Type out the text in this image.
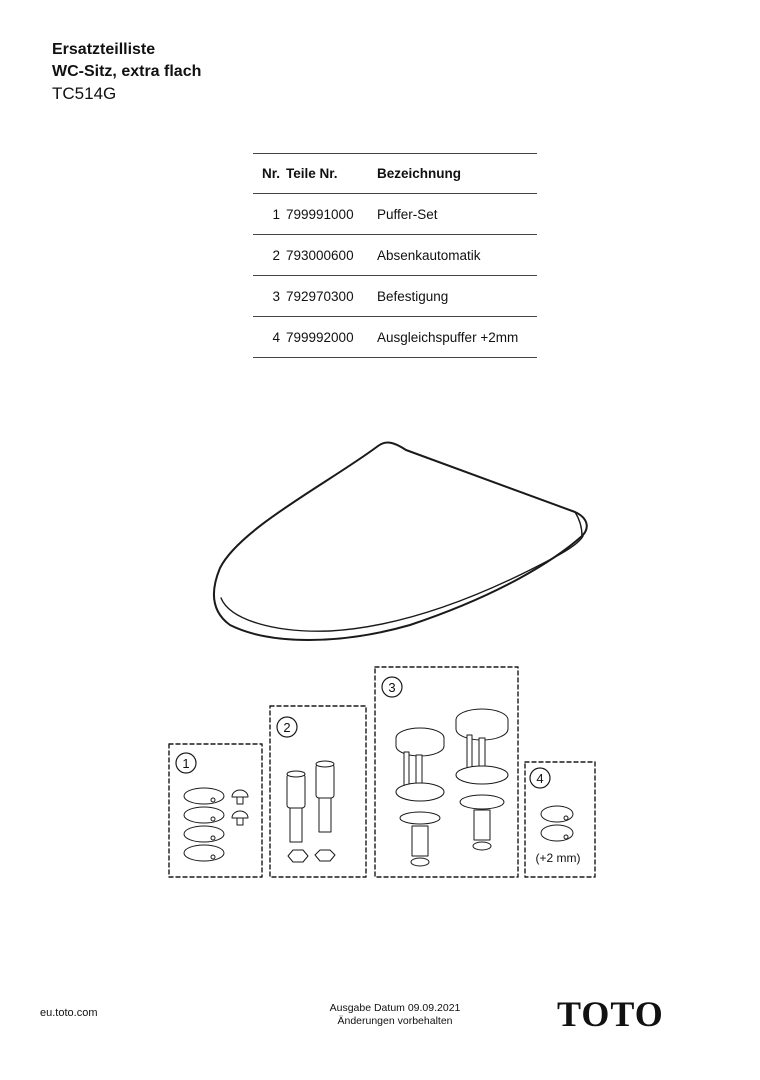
Ersatzteilliste
WC-Sitz, extra flach
TC514G
Nr.	Teile Nr.	Bezeichnung
1	799991000	Puffer-Set
2	793000600	Absenkautomatik
3	792970300	Befestigung
4	799992000	Ausgleichspuffer +2mm
1
2
3
4
(+2 mm)
eu.toto.com	Ausgabe Datum 09.09.2021
Änderungen vorbehalten	TOTO
